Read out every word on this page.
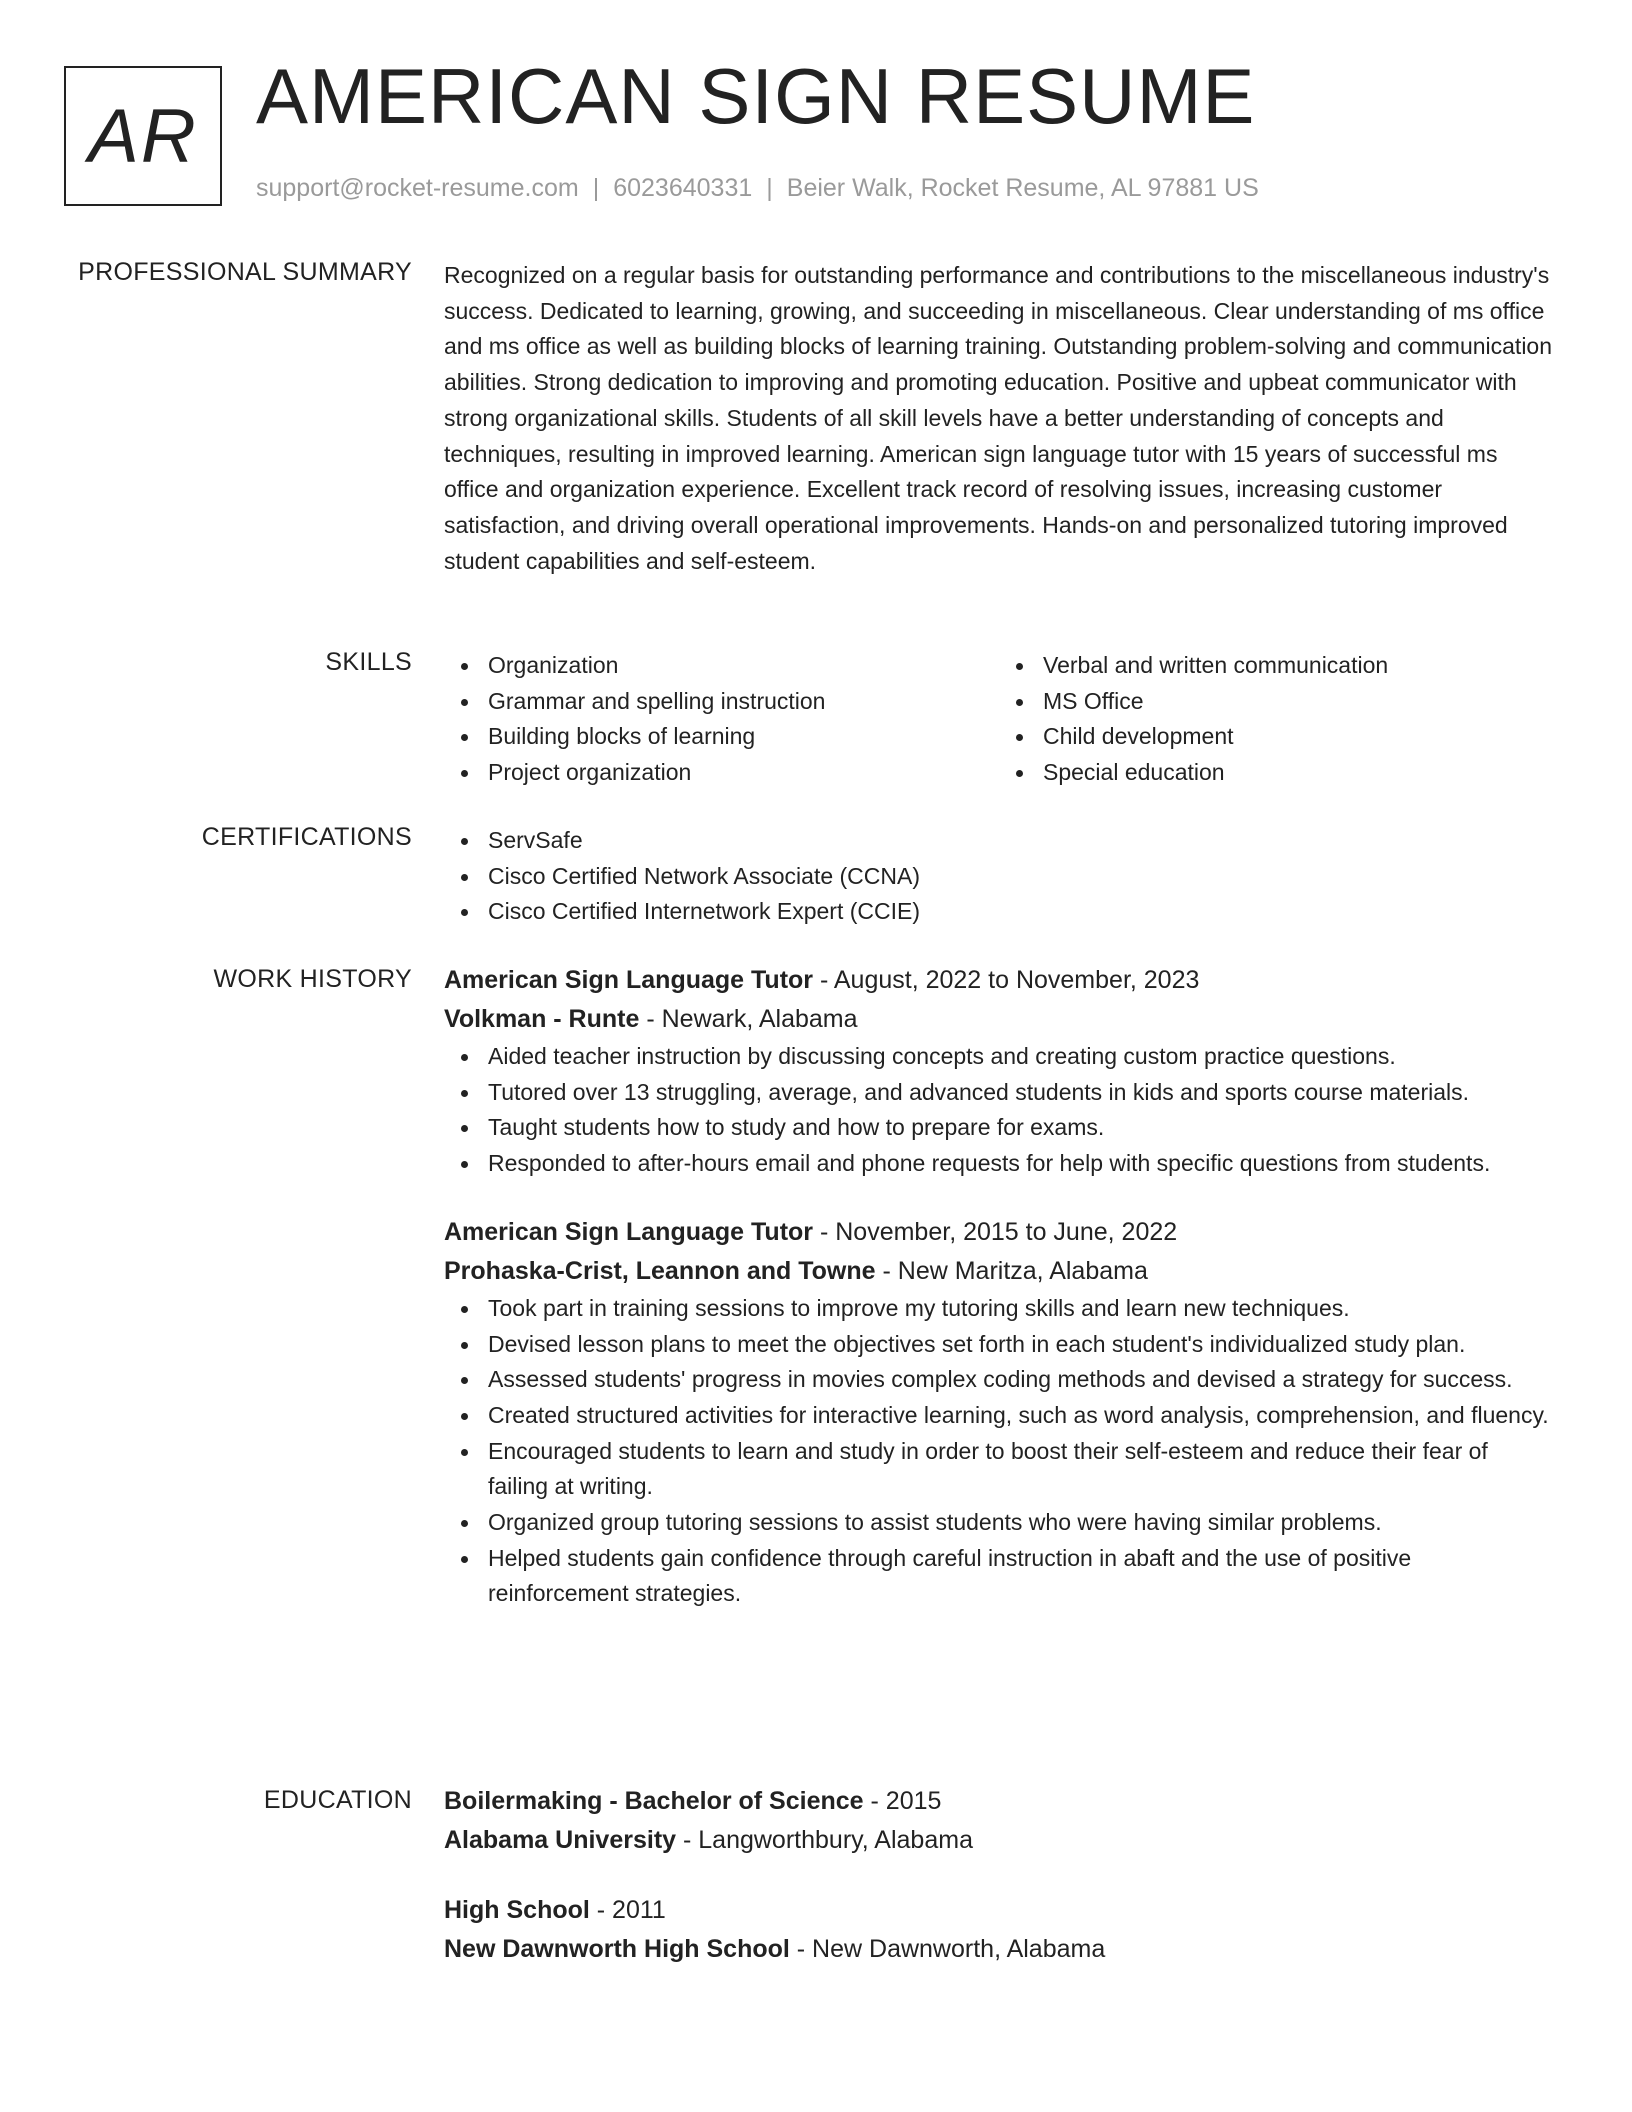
AR AMERICAN SIGN RESUME
support@rocket-resume.com | 6023640331 | Beier Walk, Rocket Resume, AL 97881 US
PROFESSIONAL SUMMARY Recognized on a regular basis for outstanding performance and contributions to the miscellaneous industry's success. Dedicated to learning, growing, and succeeding in miscellaneous. Clear understanding of ms office and ms office as well as building blocks of learning training. Outstanding problem-solving and communication abilities. Strong dedication to improving and promoting education. Positive and upbeat communicator with strong organizational skills. Students of all skill levels have a better understanding of concepts and techniques, resulting in improved learning. American sign language tutor with 15 years of successful ms office and organization experience. Excellent track record of resolving issues, increasing customer satisfaction, and driving overall operational improvements. Hands-on and personalized tutoring improved student capabilities and self-esteem.

SKILLS	Organization
Grammar and spelling instruction
Building blocks of learning
Project organization
Verbal and written communication
MS Office
Child development
Special education
CERTIFICATIONS	ServSafe
Cisco Certified Network Associate (CCNA)
Cisco Certified Internetwork Expert (CCIE)
WORK HISTORY American Sign Language Tutor - August, 2022 to November, 2023
Volkman - Runte - Newark, Alabama
Aided teacher instruction by discussing concepts and creating custom practice questions.
Tutored over 13 struggling, average, and advanced students in kids and sports course materials.
Taught students how to study and how to prepare for exams.
Responded to after-hours email and phone requests for help with specific questions from students.
American Sign Language Tutor - November, 2015 to June, 2022
Prohaska-Crist, Leannon and Towne - New Maritza, Alabama
Took part in training sessions to improve my tutoring skills and learn new techniques.
Devised lesson plans to meet the objectives set forth in each student's individualized study plan.
Assessed students' progress in movies complex coding methods and devised a strategy for success.
Created structured activities for interactive learning, such as word analysis, comprehension, and fluency.
Encouraged students to learn and study in order to boost their self-esteem and reduce their fear of failing at writing.
Organized group tutoring sessions to assist students who were having similar problems.
Helped students gain confidence through careful instruction in abaft and the use of positive reinforcement strategies.
EDUCATION Boilermaking - Bachelor of Science - 2015
Alabama University - Langworthbury, Alabama
High School - 2011
New Dawnworth High School - New Dawnworth, Alabama
